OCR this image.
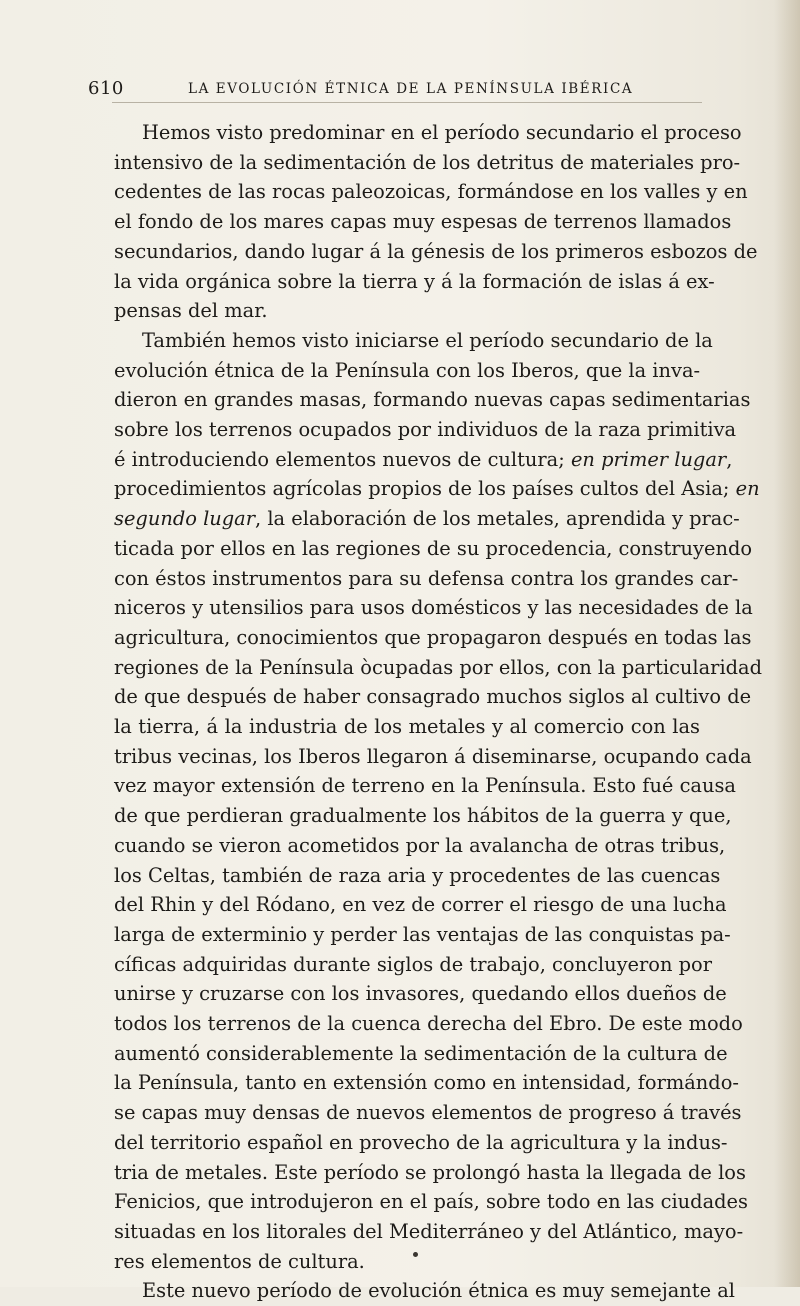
610	LA EVOLUCIÓN ÉTNICA DE LA PENÍNSULA IBÉRICA
Hemos visto predominar en el período secundario el proceso
intensivo de la sedimentación de los detritus de materiales pro-
cedentes de las rocas paleozoicas, formándose en los valles y en
el fondo de los mares capas muy espesas de terrenos llamados
secundarios, dando lugar á la génesis de los primeros esbozos de
la vida orgánica sobre la tierra y á la formación de islas á ex-
pensas del mar.
También hemos visto iniciarse el período secundario de la
evolución étnica de la Península con los Iberos, que la inva-
dieron en grandes masas, formando nuevas capas sedimentarias
sobre los terrenos ocupados por individuos de la raza primitiva
é introduciendo elementos nuevos de cultura; en primer lugar,
procedimientos agrícolas propios de los países cultos del Asia; en
segundo lugar, la elaboración de los metales, aprendida y prac-
ticada por ellos en las regiones de su procedencia, construyendo
con éstos instrumentos para su defensa contra los grandes car-
niceros y utensilios para usos domésticos y las necesidades de la
agricultura, conocimientos que propagaron después en todas las
regiones de la Península òcupadas por ellos, con la particularidad
de que después de haber consagrado muchos siglos al cultivo de
la tierra, á la industria de los metales y al comercio con las
tribus vecinas, los Iberos llegaron á diseminarse, ocupando cada
vez mayor extensión de terreno en la Península. Esto fué causa
de que perdieran gradualmente los hábitos de la guerra y que,
cuando se vieron acometidos por la avalancha de otras tribus,
los Celtas, también de raza aria y procedentes de las cuencas
del Rhin y del Ródano, en vez de correr el riesgo de una lucha
larga de exterminio y perder las ventajas de las conquistas pa-
cíficas adquiridas durante siglos de trabajo, concluyeron por
unirse y cruzarse con los invasores, quedando ellos dueños de
todos los terrenos de la cuenca derecha del Ebro. De este modo
aumentó considerablemente la sedimentación de la cultura de
la Península, tanto en extensión como en intensidad, formándo-
se capas muy densas de nuevos elementos de progreso á través
del territorio español en provecho de la agricultura y la indus-
tria de metales. Este período se prolongó hasta la llegada de los
Fenicios, que introdujeron en el país, sobre todo en las ciudades
situadas en los litorales del Mediterráneo y del Atlántico, mayo-
res elementos de cultura.
Este nuevo período de evolución étnica es muy semejante al
